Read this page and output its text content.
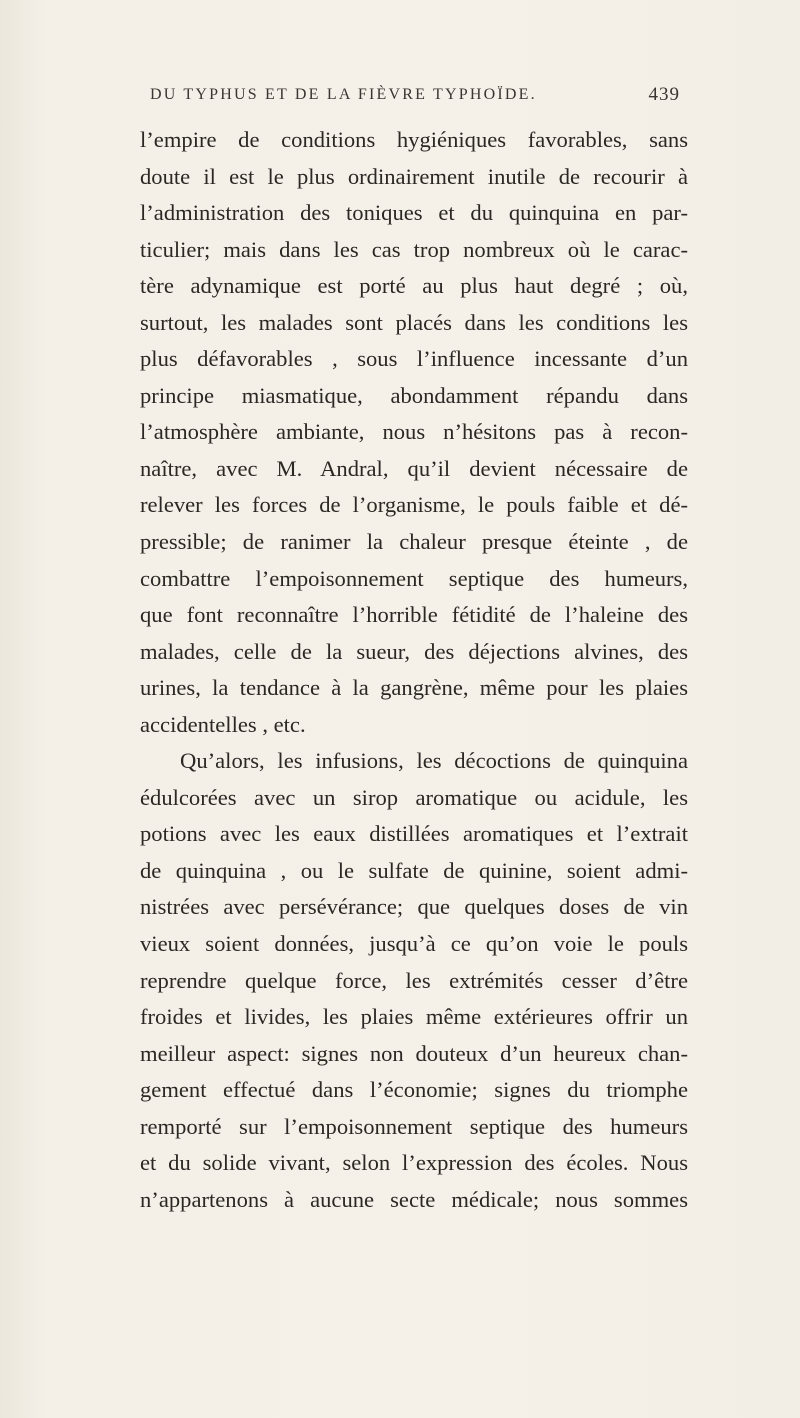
DU TYPHUS ET DE LA FIÈVRE TYPHOÏDE.	439
l’empire de conditions hygiéniques favorables, sans
doute il est le plus ordinairement inutile de recourir à
l’administration des toniques et du quinquina en par-
ticulier; mais dans les cas trop nombreux où le carac-
tère adynamique est porté au plus haut degré ; où,
surtout, les malades sont placés dans les conditions les
plus défavorables , sous l’influence incessante d’un
principe miasmatique, abondamment répandu dans
l’atmosphère ambiante, nous n’hésitons pas à recon-
naître, avec M. Andral, qu’il devient nécessaire de
relever les forces de l’organisme, le pouls faible et dé-
pressible; de ranimer la chaleur presque éteinte , de
combattre l’empoisonnement septique des humeurs,
que font reconnaître l’horrible fétidité de l’haleine des
malades, celle de la sueur, des déjections alvines, des
urines, la tendance à la gangrène, même pour les plaies
accidentelles , etc.
Qu’alors, les infusions, les décoctions de quinquina
édulcorées avec un sirop aromatique ou acidule, les
potions avec les eaux distillées aromatiques et l’extrait
de quinquina , ou le sulfate de quinine, soient admi-
nistrées avec persévérance; que quelques doses de vin
vieux soient données, jusqu’à ce qu’on voie le pouls
reprendre quelque force, les extrémités cesser d’être
froides et livides, les plaies même extérieures offrir un
meilleur aspect: signes non douteux d’un heureux chan-
gement effectué dans l’économie; signes du triomphe
remporté sur l’empoisonnement septique des humeurs
et du solide vivant, selon l’expression des écoles. Nous
n’appartenons à aucune secte médicale; nous sommes
